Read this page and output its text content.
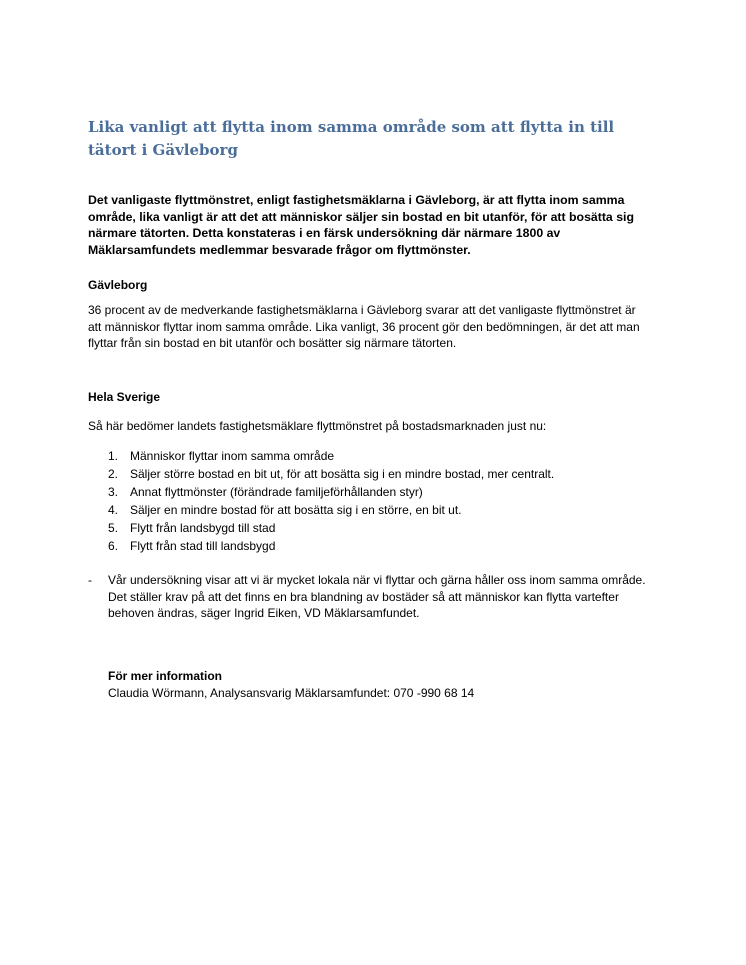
Lika vanligt att flytta inom samma område som att flytta in till tätort i Gävleborg

Det vanligaste flyttmönstret, enligt fastighetsmäklarna i Gävleborg, är att flytta inom samma område, lika vanligt är att det att människor säljer sin bostad en bit utanför, för att bosätta sig närmare tätorten. Detta konstateras i en färsk undersökning där närmare 1800 av Mäklarsamfundets medlemmar besvarade frågor om flyttmönster.

Gävleborg

36 procent av de medverkande fastighetsmäklarna i Gävleborg svarar att det vanligaste flyttmönstret är att människor flyttar inom samma område. Lika vanligt, 36 procent gör den bedömningen, är det att man flyttar från sin bostad en bit utanför och bosätter sig närmare tätorten.

Hela Sverige

Så här bedömer landets fastighetsmäklare flyttmönstret på bostadsmarknaden just nu:

1. Människor flyttar inom samma område
2. Säljer större bostad en bit ut, för att bosätta sig i en mindre bostad, mer centralt.
3. Annat flyttmönster (förändrade familjeförhållanden styr)
4. Säljer en mindre bostad för att bosätta sig i en större, en bit ut.
5. Flytt från landsbygd till stad
6. Flytt från stad till landsbygd
-	Vår undersökning visar att vi är mycket lokala när vi flyttar och gärna håller oss inom samma område. Det ställer krav på att det finns en bra blandning av bostäder så att människor kan flytta vartefter behoven ändras, säger Ingrid Eiken, VD Mäklarsamfundet.
För mer information
Claudia Wörmann, Analysansvarig Mäklarsamfundet: 070 -990 68 14
